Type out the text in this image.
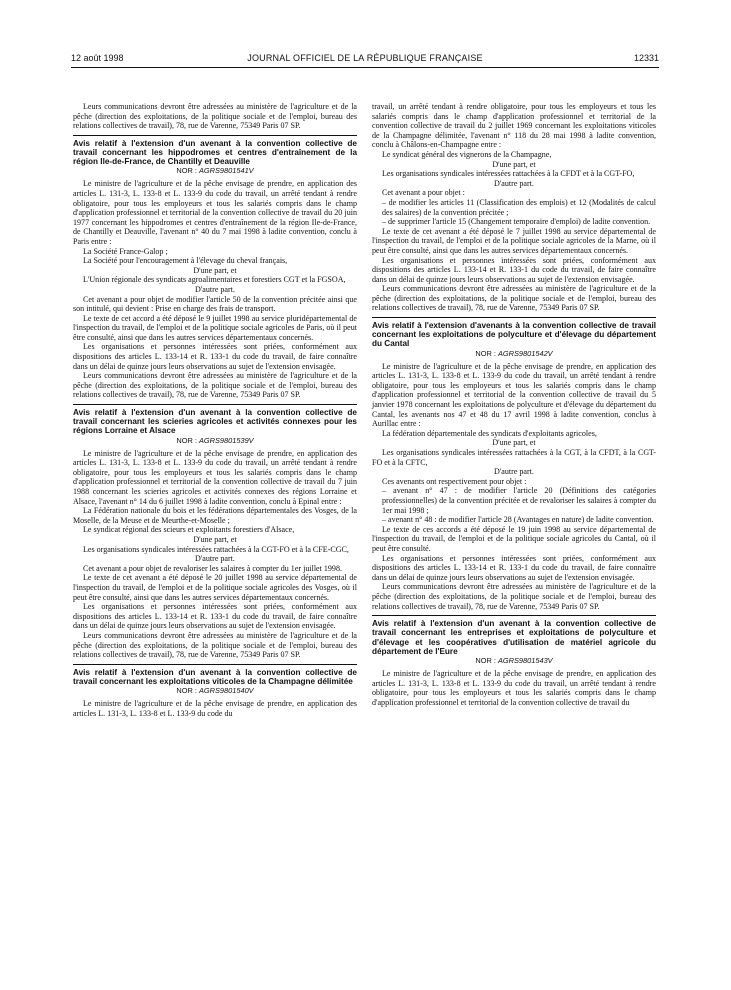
12 août 1998	JOURNAL OFFICIEL DE LA RÉPUBLIQUE FRANÇAISE	12331

Leurs communications devront être adressées au ministère de l'agriculture et de la pêche (direction des exploitations, de la politique sociale et de l'emploi, bureau des relations collectives de travail), 78, rue de Varenne, 75349 Paris 07 SP.

Avis relatif à l'extension d'un avenant à la convention collective de travail concernant les hippodromes et centres d'entraînement de la région Ile-de-France, de Chantilly et Deauville
NOR : AGRS9801541V

Le ministre de l'agriculture et de la pêche envisage de prendre, en application des articles L. 131-3, L. 133-8 et L. 133-9 du code du travail, un arrêté tendant à rendre obligatoire, pour tous les employeurs et tous les salariés compris dans le champ d'application professionnel et territorial de la convention collective de travail du 20 juin 1977 concernant les hippodromes et centres d'entraînement de la région Ile-de-France, de Chantilly et Deauville, l'avenant n° 40 du 7 mai 1998 à ladite convention, conclu à Paris entre :

La Société France-Galop ;

La Société pour l'encouragement à l'élevage du cheval français,

D'une part, et

L'Union régionale des syndicats agroalimentaires et forestiers CGT et la FGSOA,

D'autre part.

Cet avenant a pour objet de modifier l'article 50 de la convention précitée ainsi que son intitulé, qui devient : Prise en charge des frais de transport.

Le texte de cet accord a été déposé le 9 juillet 1998 au service pluridépartemental de l'inspection du travail, de l'emploi et de la politique sociale agricoles de Paris, où il peut être consulté, ainsi que dans les autres services départementaux concernés.

Les organisations et personnes intéressées sont priées, conformément aux dispositions des articles L. 133-14 et R. 133-1 du code du travail, de faire connaître dans un délai de quinze jours leurs observations au sujet de l'extension envisagée.

Leurs communications devront être adressées au ministère de l'agriculture et de la pêche (direction des exploitations, de la politique sociale et de l'emploi, bureau des relations collectives de travail), 78, rue de Varenne, 75349 Paris 07 SP.

Avis relatif à l'extension d'un avenant à la convention collective de travail concernant les scieries agricoles et activités connexes pour les régions Lorraine et Alsace
NOR : AGRS9801539V

Le ministre de l'agriculture et de la pêche envisage de prendre, en application des articles L. 131-3, L. 133-8 et L. 133-9 du code du travail, un arrêté tendant à rendre obligatoire, pour tous les employeurs et tous les salariés compris dans le champ d'application professionnel et territorial de la convention collective de travail du 7 juin 1988 concernant les scieries agricoles et activités connexes des régions Lorraine et Alsace, l'avenant n° 14 du 6 juillet 1998 à ladite convention, conclu à Epinal entre :

La Fédération nationale du bois et les fédérations départementales des Vosges, de la Moselle, de la Meuse et de Meurthe-et-Moselle ;

Le syndicat régional des scieurs et exploitants forestiers d'Alsace,

D'une part, et

Les organisations syndicales intéressées rattachées à la CGT-FO et à la CFE-CGC,

D'autre part.

Cet avenant a pour objet de revaloriser les salaires à compter du 1er juillet 1998.

Le texte de cet avenant a été déposé le 20 juillet 1998 au service départemental de l'inspection du travail, de l'emploi et de la politique sociale agricoles des Vosges, où il peut être consulté, ainsi que dans les autres services départementaux concernés.

Les organisations et personnes intéressées sont priées, conformément aux dispositions des articles L. 133-14 et R. 133-1 du code du travail, de faire connaître dans un délai de quinze jours leurs observations au sujet de l'extension envisagée.

Leurs communications devront être adressées au ministère de l'agriculture et de la pêche (direction des exploitations, de la politique sociale et de l'emploi, bureau des relations collectives de travail), 78, rue de Varenne, 75349 Paris 07 SP.

Avis relatif à l'extension d'un avenant à la convention collective de travail concernant les exploitations viticoles de la Champagne délimitée
NOR : AGRS9801540V

Le ministre de l'agriculture et de la pêche envisage de prendre, en application des articles L. 131-3, L. 133-8 et L. 133-9 du code du

travail, un arrêté tendant à rendre obligatoire, pour tous les employeurs et tous les salariés compris dans le champ d'application professionnel et territorial de la convention collective de travail du 2 juillet 1969 concernant les exploitations viticoles de la Champagne délimitée, l'avenant n° 118 du 28 mai 1998 à ladite convention, conclu à Châlons-en-Champagne entre :

Le syndicat général des vignerons de la Champagne,

D'une part, et

Les organisations syndicales intéressées rattachées à la CFDT et à la CGT-FO,

D'autre part.

Cet avenant a pour objet :

– de modifier les articles 11 (Classification des emplois) et 12 (Modalités de calcul des salaires) de la convention précitée ;

– de supprimer l'article 15 (Changement temporaire d'emploi) de ladite convention.

Le texte de cet avenant a été déposé le 7 juillet 1998 au service départemental de l'inspection du travail, de l'emploi et de la politique sociale agricoles de la Marne, où il peut être consulté, ainsi que dans les autres services départementaux concernés.

Les organisations et personnes intéressées sont priées, conformément aux dispositions des articles L. 133-14 et R. 133-1 du code du travail, de faire connaître dans un délai de quinze jours leurs observations au sujet de l'extension envisagée.

Leurs communications devront être adressées au ministère de l'agriculture et de la pêche (direction des exploitations, de la politique sociale et de l'emploi, bureau des relations collectives de travail), 78, rue de Varenne, 75349 Paris 07 SP.

Avis relatif à l'extension d'avenants à la convention collective de travail concernant les exploitations de polyculture et d'élevage du département du Cantal
NOR : AGRS9801542V

Le ministre de l'agriculture et de la pêche envisage de prendre, en application des articles L. 131-3, L. 133-8 et L. 133-9 du code du travail, un arrêté tendant à rendre obligatoire, pour tous les employeurs et tous les salariés compris dans le champ d'application professionnel et territorial de la convention collective de travail du 5 janvier 1978 concernant les exploitations de polyculture et d'élevage du département du Cantal, les avenants nos 47 et 48 du 17 avril 1998 à ladite convention, conclus à Aurillac entre :

La fédération départementale des syndicats d'exploitants agricoles,

D'une part, et

Les organisations syndicales intéressées rattachées à la CGT, à la CFDT, à la CGT-FO et à la CFTC,

D'autre part.

Ces avenants ont respectivement pour objet :

– avenant n° 47 : de modifier l'article 20 (Définitions des catégories professionnelles) de la convention précitée et de revaloriser les salaires à compter du 1er mai 1998 ;

– avenant n° 48 : de modifier l'article 28 (Avantages en nature) de ladite convention.

Le texte de ces accords a été déposé le 19 juin 1998 au service départemental de l'inspection du travail, de l'emploi et de la politique sociale agricoles du Cantal, où il peut être consulté.

Les organisations et personnes intéressées sont priées, conformément aux dispositions des articles L. 133-14 et R. 133-1 du code du travail, de faire connaître dans un délai de quinze jours leurs observations au sujet de l'extension envisagée.

Leurs communications devront être adressées au ministère de l'agriculture et de la pêche (direction des exploitations, de la politique sociale et de l'emploi, bureau des relations collectives de travail), 78, rue de Varenne, 75349 Paris 07 SP.

Avis relatif à l'extension d'un avenant à la convention collective de travail concernant les entreprises et exploitations de polyculture et d'élevage et les coopératives d'utilisation de matériel agricole du département de l'Eure
NOR : AGRS9801543V

Le ministre de l'agriculture et de la pêche envisage de prendre, en application des articles L. 131-3, L. 133-8 et L. 133-9 du code du travail, un arrêté tendant à rendre obligatoire, pour tous les employeurs et tous les salariés compris dans le champ d'application professionnel et territorial de la convention collective de travail du
